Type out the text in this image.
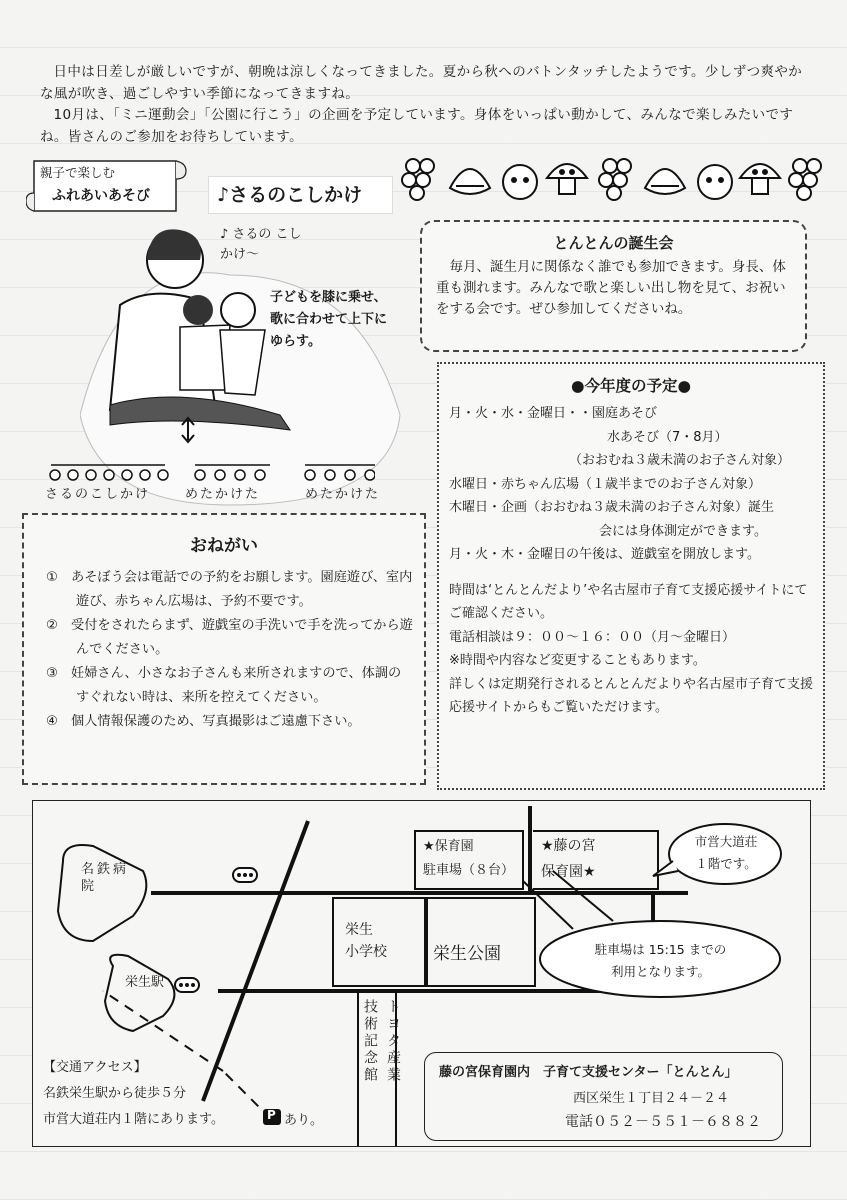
日中は日差しが厳しいですが、朝晩は涼しくなってきました。夏から秋へのバトンタッチしたようです。少しずつ爽やかな風が吹き、過ごしやすい季節になってきますね。

10月は、「ミニ運動会」「公園に行こう」の企画を予定しています。身体をいっぱい動かして、みんなで楽しみたいですね。皆さんのご参加をお待ちしています。

親子で楽しむ
ふれあいあそび	♪さるのこしかけ
♪ さるの こしかけ〜
子どもを膝に乗せ、歌に合わせて上下にゆらす。
さるのこしかけ	めたかけた	めたかけた
とんとんの誕生会

毎月、誕生月に関係なく誰でも参加できます。身長、体重も測れます。みんなで歌と楽しい出し物を見て、お祝いをする会です。ぜひ参加してくださいね。

●今年度の予定●
月・火・水・金曜日・・園庭あそび
水あそび（7・8月）
（おおむね３歳未満のお子さん対象）
水曜日・赤ちゃん広場（１歳半までのお子さん対象）
木曜日・企画（おおむね３歳未満のお子さん対象）誕生
会には身体測定ができます。
月・火・木・金曜日の午後は、遊戯室を開放します。
時間は‘とんとんだより’や名古屋市子育て支援応援サイトにてご確認ください。
電話相談は９：００〜１６：００（月〜金曜日）
※時間や内容など変更することもあります。
詳しくは定期発行されるとんとんだよりや名古屋市子育て支援応援サイトからもご覧いただけます。
おねがい
①　あそぼう会は電話での予約をお願します。園庭遊び、室内遊び、赤ちゃん広場は、予約不要です。
②　受付をされたらまず、遊戯室の手洗いで手を洗ってから遊んでください。
③　妊婦さん、小さなお子さんも来所されますので、体調のすぐれない時は、来所を控えてください。
④　個人情報保護のため、写真撮影はご遠慮下さい。
名鉄病院
栄生駅
栄生
小学校	栄生公園
トヨタ産業
技術記念館
★保育園
駐車場（８台）
★藤の宮
保育園★
市営大道荘
１階です。
駐車場は 15:15 までの
利用となります。
【交通アクセス】
名鉄栄生駅から徒歩５分
市営大道荘内１階にあります。	P あり。
藤の宮保育園内　子育て支援センター「とんとん」
西区栄生１丁目２４－２４
電話０５２－５５１－６８８２
